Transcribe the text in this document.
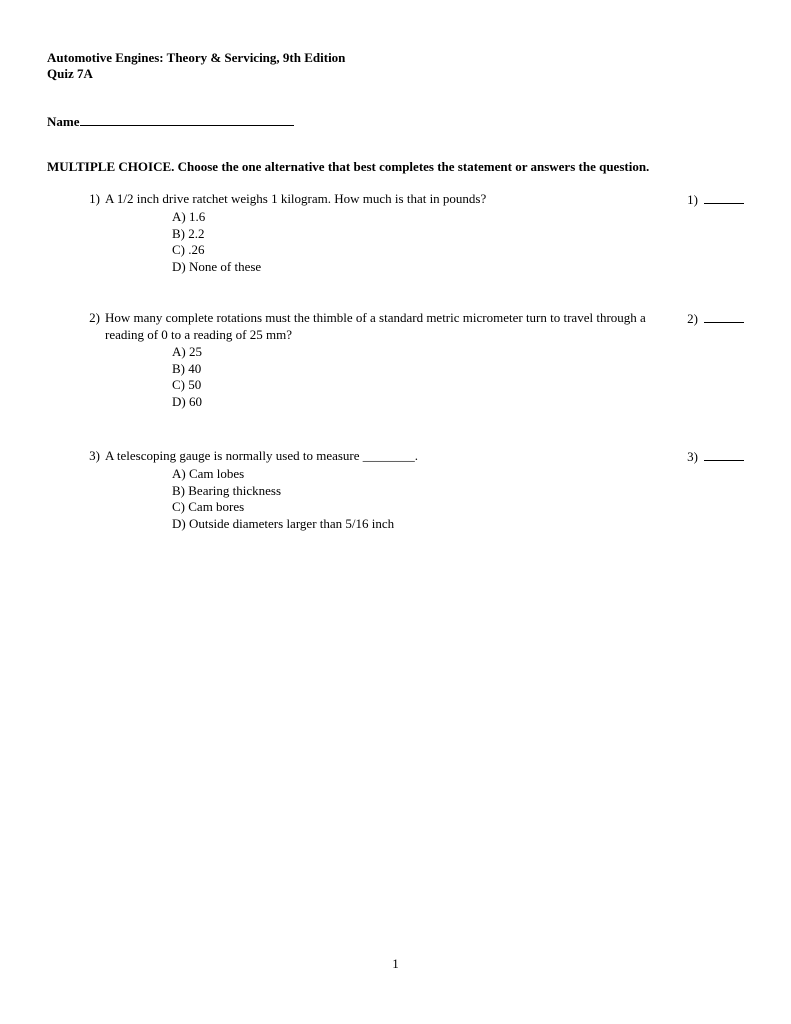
Automotive Engines: Theory & Servicing, 9th Edition
Quiz 7A
Name
MULTIPLE CHOICE. Choose the one alternative that best completes the statement or answers the question.
1) A 1/2 inch drive ratchet weighs 1 kilogram. How much is that in pounds?	1)
A) 1.6
B) 2.2
C) .26
D) None of these
2) How many complete rotations must the thimble of a standard metric micrometer turn to travel through a reading of 0 to a reading of 25 mm?
2)
A) 25
B) 40
C) 50
D) 60
3) A telescoping gauge is normally used to measure ________.	3)
A) Cam lobes
B) Bearing thickness
C) Cam bores
D) Outside diameters larger than 5/16 inch
1
